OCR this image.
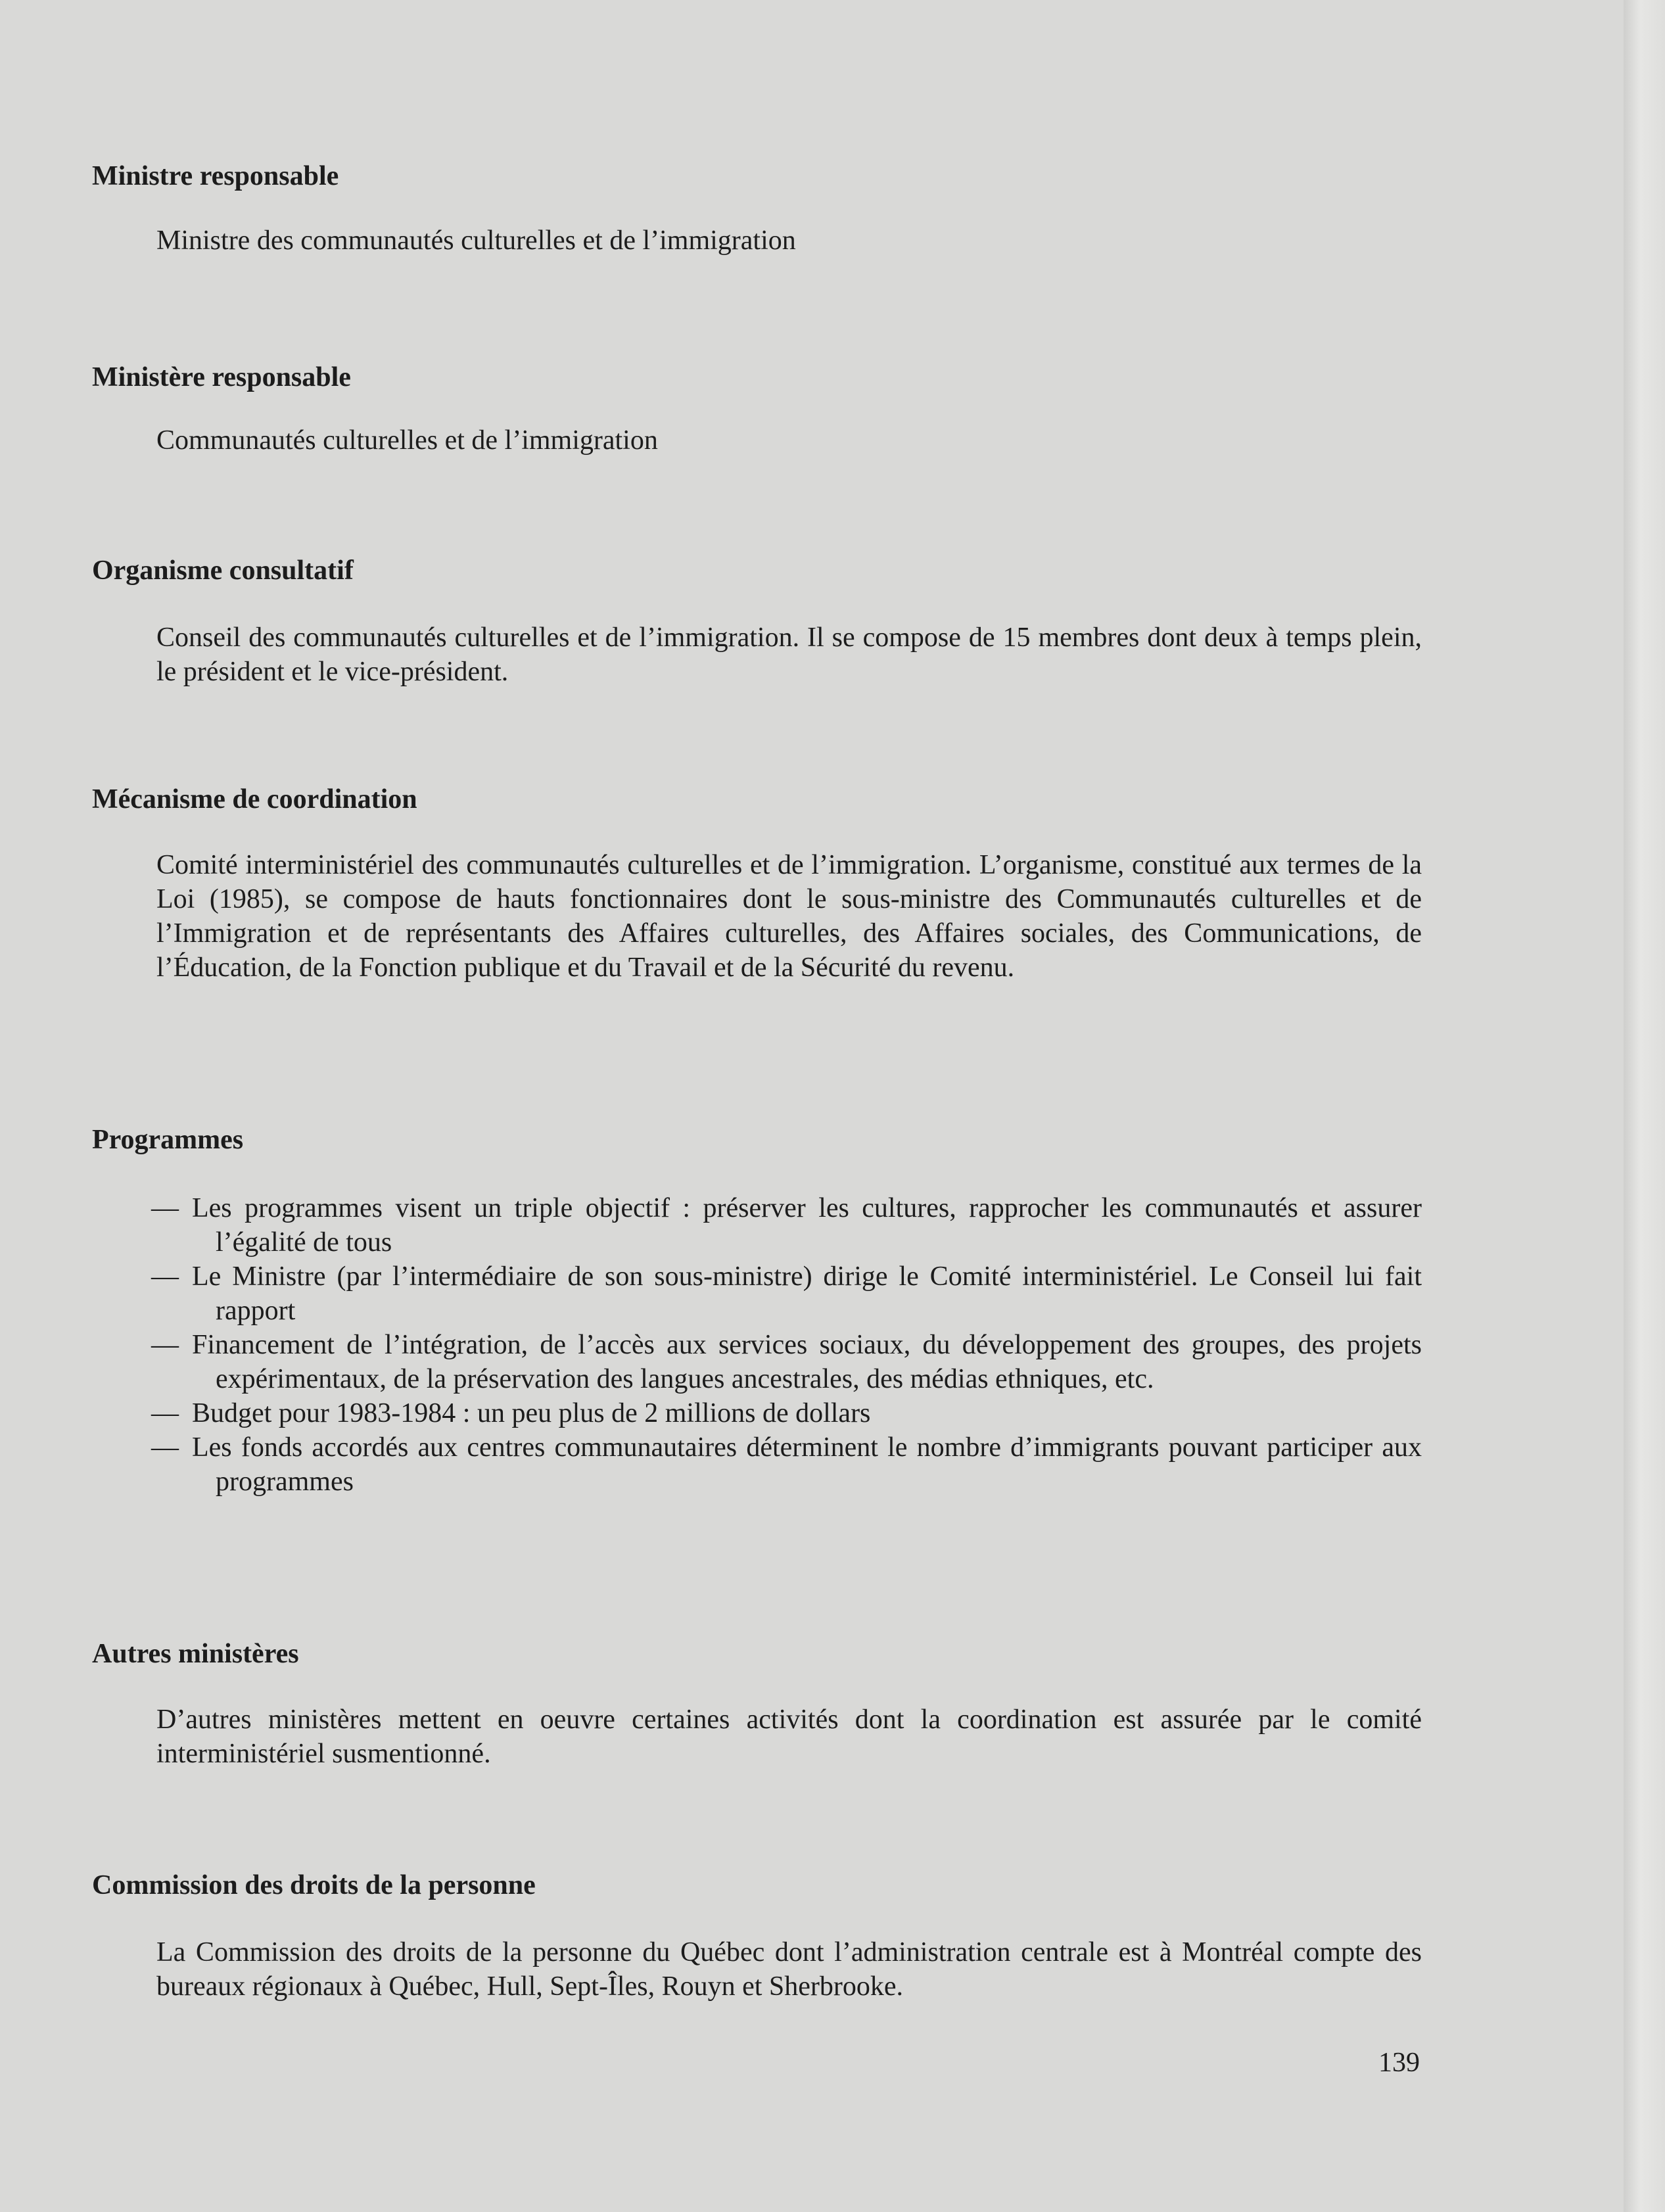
Ministre responsable
Ministre des communautés culturelles et de l’immigration
Ministère responsable
Communautés culturelles et de l’immigration
Organisme consultatif
Conseil des communautés culturelles et de l’immigration. Il se compose de 15 membres dont deux à temps plein, le président et le vice-président.
Mécanisme de coordination
Comité interministériel des communautés culturelles et de l’immigration. L’organisme, constitué aux termes de la Loi (1985), se compose de hauts fonctionnaires dont le sous-ministre des Communautés culturelles et de l’Immigration et de représentants des Affaires culturelles, des Affaires sociales, des Communications, de l’Éducation, de la Fonction publique et du Travail et de la Sécurité du revenu.
Programmes
— Les programmes visent un triple objectif : préserver les cultures, rapprocher les communautés et assurer l’égalité de tous
— Le Ministre (par l’intermédiaire de son sous-ministre) dirige le Comité interministériel. Le Conseil lui fait rapport
— Financement de l’intégration, de l’accès aux services sociaux, du développement des groupes, des projets expérimentaux, de la préservation des langues ancestrales, des médias ethniques, etc.
— Budget pour 1983-1984 : un peu plus de 2 millions de dollars
— Les fonds accordés aux centres communautaires déterminent le nombre d’immigrants pouvant participer aux programmes
Autres ministères
D’autres ministères mettent en oeuvre certaines activités dont la coordination est assurée par le comité interministériel susmentionné.
Commission des droits de la personne
La Commission des droits de la personne du Québec dont l’administration centrale est à Montréal compte des bureaux régionaux à Québec, Hull, Sept-Îles, Rouyn et Sherbrooke.
139
